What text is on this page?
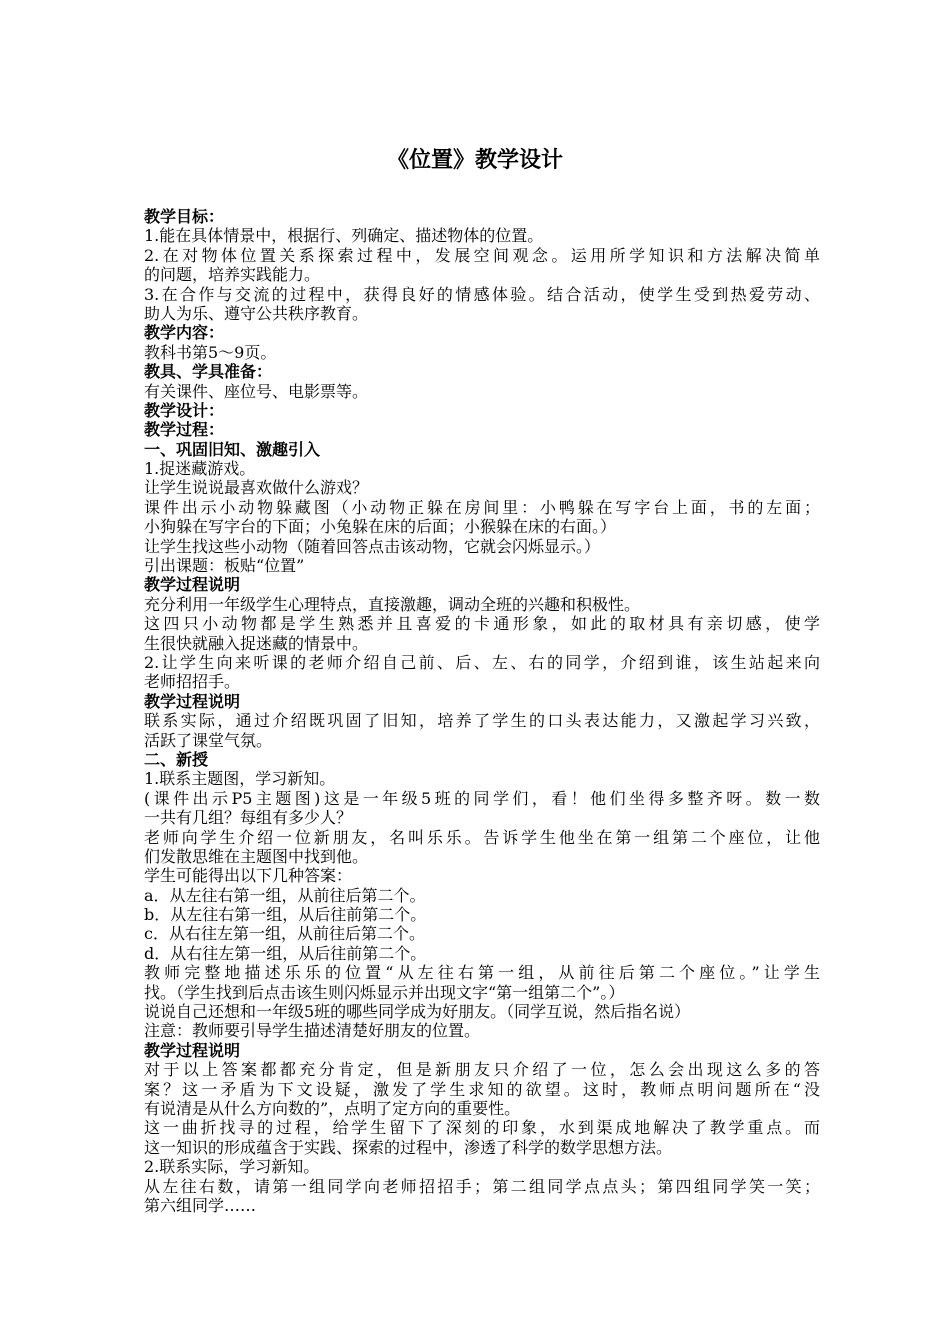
《位置》教学设计
教学目标：
1.能在具体情景中，根据行、列确定、描述物体的位置。
2.在对物体位置关系探索过程中，发展空间观念。运用所学知识和方法解决简单
的问题，培养实践能力。
3.在合作与交流的过程中，获得良好的情感体验。结合活动，使学生受到热爱劳动、
助人为乐、遵守公共秩序教育。
教学内容：
教科书第5～9页。
教具、学具准备：
有关课件、座位号、电影票等。
教学设计：
教学过程：
一、巩固旧知、激趣引入
1.捉迷藏游戏。
让学生说说最喜欢做什么游戏？
课件出示小动物躲藏图（小动物正躲在房间里：小鸭躲在写字台上面，书的左面；
小狗躲在写字台的下面；小兔躲在床的后面；小猴躲在床的右面。）
让学生找这些小动物（随着回答点击该动物，它就会闪烁显示。）
引出课题：板贴“位置”
教学过程说明
充分利用一年级学生心理特点，直接激趣，调动全班的兴趣和积极性。
这四只小动物都是学生熟悉并且喜爱的卡通形象，如此的取材具有亲切感，使学
生很快就融入捉迷藏的情景中。
2.让学生向来听课的老师介绍自己前、后、左、右的同学，介绍到谁，该生站起来向
老师招招手。
教学过程说明
联系实际，通过介绍既巩固了旧知，培养了学生的口头表达能力，又激起学习兴致，
活跃了课堂气氛。
二、新授
1.联系主题图，学习新知。
(课件出示P5主题图)这是一年级5班的同学们，看！他们坐得多整齐呀。数一数
一共有几组？每组有多少人？
老师向学生介绍一位新朋友，名叫乐乐。告诉学生他坐在第一组第二个座位，让他
们发散思维在主题图中找到他。
学生可能得出以下几种答案：
a．从左往右第一组，从前往后第二个。
b．从左往右第一组，从后往前第二个。
c．从右往左第一组，从前往后第二个。
d．从右往左第一组，从后往前第二个。
教师完整地描述乐乐的位置“从左往右第一组，从前往后第二个座位。”让学生
找。（学生找到后点击该生则闪烁显示并出现文字“第一组第二个”。）
说说自己还想和一年级5班的哪些同学成为好朋友。（同学互说，然后指名说）
注意：教师要引导学生描述清楚好朋友的位置。
教学过程说明
对于以上答案都都充分肯定，但是新朋友只介绍了一位，怎么会出现这么多的答
案？这一矛盾为下文设疑，激发了学生求知的欲望。这时，教师点明问题所在“没
有说清是从什么方向数的”，点明了定方向的重要性。
这一曲折找寻的过程，给学生留下了深刻的印象，水到渠成地解决了教学重点。而
这一知识的形成蕴含于实践、探索的过程中，渗透了科学的数学思想方法。
2.联系实际，学习新知。
从左往右数，请第一组同学向老师招招手；第二组同学点点头；第四组同学笑一笑；
第六组同学……
